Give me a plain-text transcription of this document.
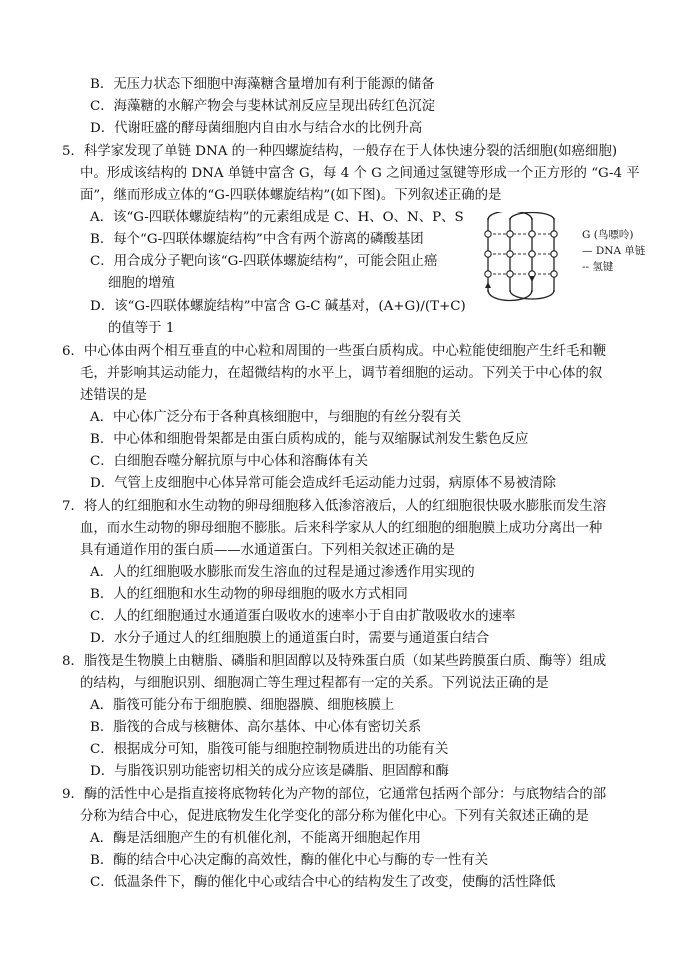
B．无压力状态下细胞中海藻糖含量增加有利于能源的储备
C．海藻糖的水解产物会与斐林试剂反应呈现出砖红色沉淀
D．代谢旺盛的酵母菌细胞内自由水与结合水的比例升高
5．科学家发现了单链 DNA 的一种四螺旋结构，一般存在于人体快速分裂的活细胞(如癌细胞)
中。形成该结构的 DNA 单链中富含 G，每 4 个 G 之间通过氢键等形成一个正方形的 “G-4 平
面”，继而形成立体的“G-四联体螺旋结构”(如下图)。下列叙述正确的是
A．该“G-四联体螺旋结构”的元素组成是 C、H、O、N、P、S
B．每个“G-四联体螺旋结构”中含有两个游离的磷酸基团
C．用合成分子靶向该“G-四联体螺旋结构”，可能会阻止癌
细胞的增殖
D．该“G-四联体螺旋结构”中富含 G-C 碱基对，(A+G)/(T+C)
的值等于 1
G (鸟嘌呤)
— DNA 单链
-- 氢键
6．中心体由两个相互垂直的中心粒和周围的一些蛋白质构成。中心粒能使细胞产生纤毛和鞭
毛，并影响其运动能力，在超微结构的水平上，调节着细胞的运动。下列关于中心体的叙
述错误的是
A．中心体广泛分布于各种真核细胞中，与细胞的有丝分裂有关
B．中心体和细胞骨架都是由蛋白质构成的，能与双缩脲试剂发生紫色反应
C．白细胞吞噬分解抗原与中心体和溶酶体有关
D．气管上皮细胞中心体异常可能会造成纤毛运动能力过弱，病原体不易被清除
7．将人的红细胞和水生动物的卵母细胞移入低渗溶液后，人的红细胞很快吸水膨胀而发生溶
血，而水生动物的卵母细胞不膨胀。后来科学家从人的红细胞的细胞膜上成功分离出一种
具有通道作用的蛋白质——水通道蛋白。下列相关叙述正确的是
A．人的红细胞吸水膨胀而发生溶血的过程是通过渗透作用实现的
B．人的红细胞和水生动物的卵母细胞的吸水方式相同
C．人的红细胞通过水通道蛋白吸收水的速率小于自由扩散吸收水的速率
D．水分子通过人的红细胞膜上的通道蛋白时，需要与通道蛋白结合
8．脂筏是生物膜上由糖脂、磷脂和胆固醇以及特殊蛋白质（如某些跨膜蛋白质、酶等）组成
的结构，与细胞识别、细胞凋亡等生理过程都有一定的关系。下列说法正确的是
A．脂筏可能分布于细胞膜、细胞器膜、细胞核膜上
B．脂筏的合成与核糖体、高尔基体、中心体有密切关系
C．根据成分可知，脂筏可能与细胞控制物质进出的功能有关
D．与脂筏识别功能密切相关的成分应该是磷脂、胆固醇和酶
9．酶的活性中心是指直接将底物转化为产物的部位，它通常包括两个部分：与底物结合的部
分称为结合中心，促进底物发生化学变化的部分称为催化中心。下列有关叙述正确的是
A．酶是活细胞产生的有机催化剂，不能离开细胞起作用
B．酶的结合中心决定酶的高效性，酶的催化中心与酶的专一性有关
C．低温条件下，酶的催化中心或结合中心的结构发生了改变，使酶的活性降低
